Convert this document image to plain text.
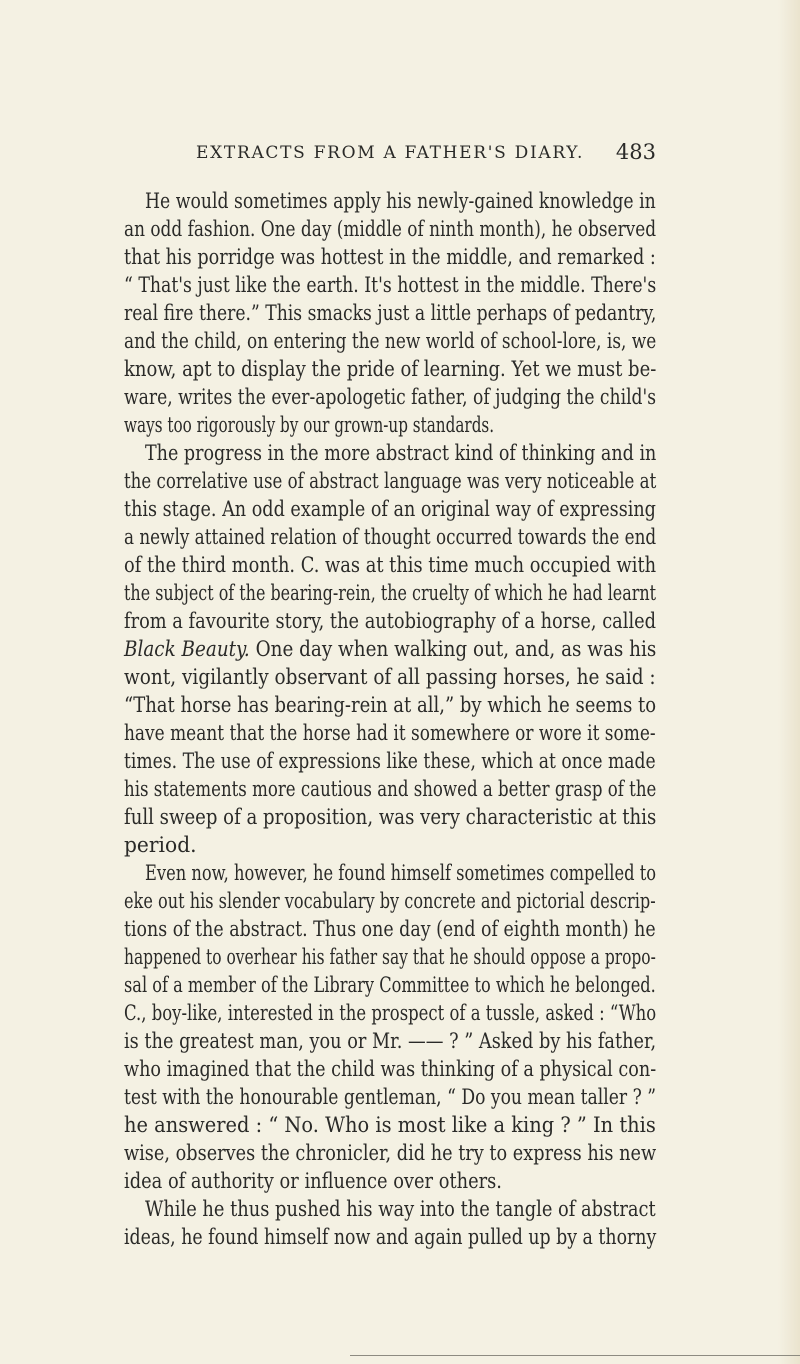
EXTRACTS FROM A FATHER'S DIARY. 483
He would sometimes apply his newly-gained knowledge in
an odd fashion. One day (middle of ninth month), he observed
that his porridge was hottest in the middle, and remarked :
“ That's just like the earth. It's hottest in the middle. There's
real fire there.” This smacks just a little perhaps of pedantry,
and the child, on entering the new world of school-lore, is, we
know, apt to display the pride of learning. Yet we must be-
ware, writes the ever-apologetic father, of judging the child's
ways too rigorously by our grown-up standards.
The progress in the more abstract kind of thinking and in
the correlative use of abstract language was very noticeable at
this stage. An odd example of an original way of expressing
a newly attained relation of thought occurred towards the end
of the third month. C. was at this time much occupied with
the subject of the bearing-rein, the cruelty of which he had learnt
from a favourite story, the autobiography of a horse, called
Black Beauty. One day when walking out, and, as was his
wont, vigilantly observant of all passing horses, he said :
“That horse has bearing-rein at all,” by which he seems to
have meant that the horse had it somewhere or wore it some-
times. The use of expressions like these, which at once made
his statements more cautious and showed a better grasp of the
full sweep of a proposition, was very characteristic at this
period.
Even now, however, he found himself sometimes compelled to
eke out his slender vocabulary by concrete and pictorial descrip-
tions of the abstract. Thus one day (end of eighth month) he
happened to overhear his father say that he should oppose a propo-
sal of a member of the Library Committee to which he belonged.
C., boy-like, interested in the prospect of a tussle, asked : “Who
is the greatest man, you or Mr. —— ? ” Asked by his father,
who imagined that the child was thinking of a physical con-
test with the honourable gentleman, “ Do you mean taller ? ”
he answered : “ No. Who is most like a king ? ” In this
wise, observes the chronicler, did he try to express his new
idea of authority or influence over others.
While he thus pushed his way into the tangle of abstract
ideas, he found himself now and again pulled up by a thorny
